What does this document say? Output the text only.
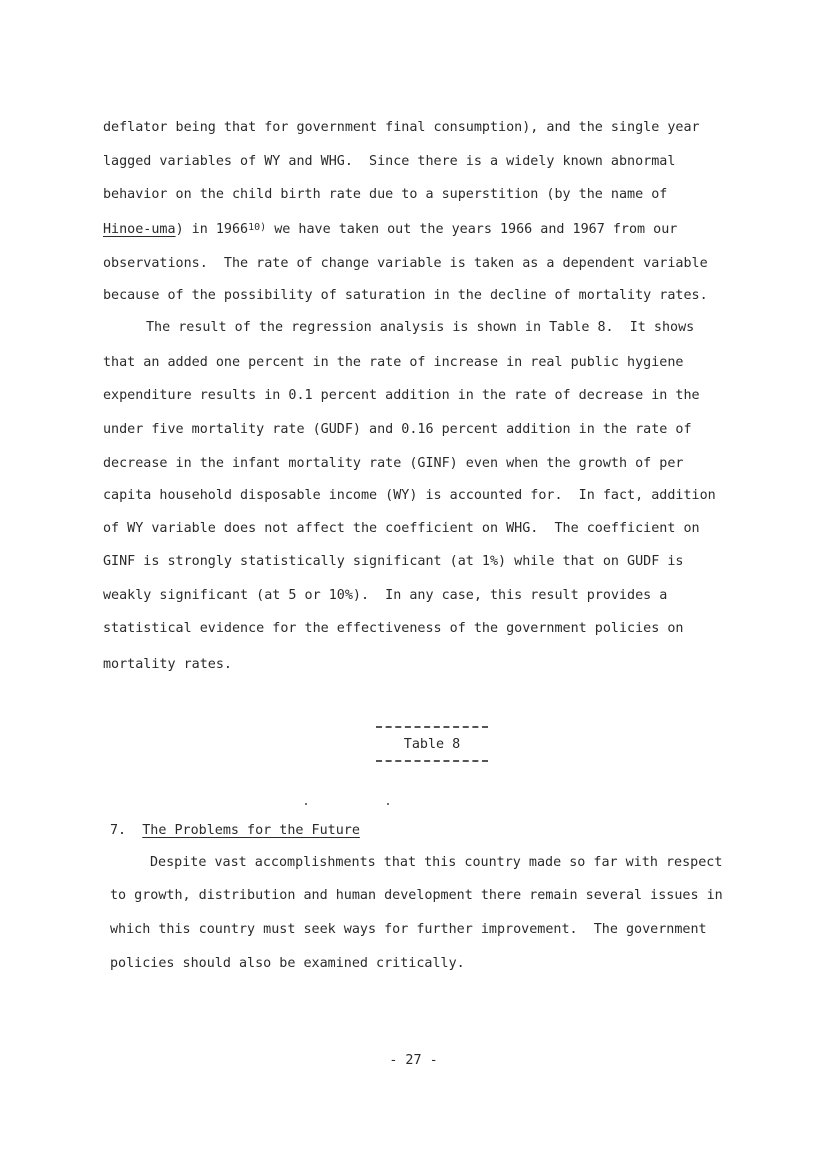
deflator being that for government final consumption), and the single year
lagged variables of WY and WHG.  Since there is a widely known abnormal
behavior on the child birth rate due to a superstition (by the name of
Hinoe-uma) in 1966$^{10)}$ we have taken out the years 1966 and 1967 from our
observations.  The rate of change variable is taken as a dependent variable
because of the possibility of saturation in the decline of mortality rates.
The result of the regression analysis is shown in Table 8.  It shows
that an added one percent in the rate of increase in real public hygiene
expenditure results in 0.1 percent addition in the rate of decrease in the
under five mortality rate (GUDF) and 0.16 percent addition in the rate of
decrease in the infant mortality rate (GINF) even when the growth of per
capita household disposable income (WY) is accounted for.  In fact, addition
of WY variable does not affect the coefficient on WHG.  The coefficient on
GINF is strongly statistically significant (at 1%) while that on GUDF is
weakly significant (at 5 or 10%).  In any case, this result provides a
statistical evidence for the effectiveness of the government policies on
mortality rates.
Table 8
7. The Problems for the Future
Despite vast accomplishments that this country made so far with respect
to growth, distribution and human development there remain several issues in
which this country must seek ways for further improvement.  The government
policies should also be examined critically.
- 27 -
